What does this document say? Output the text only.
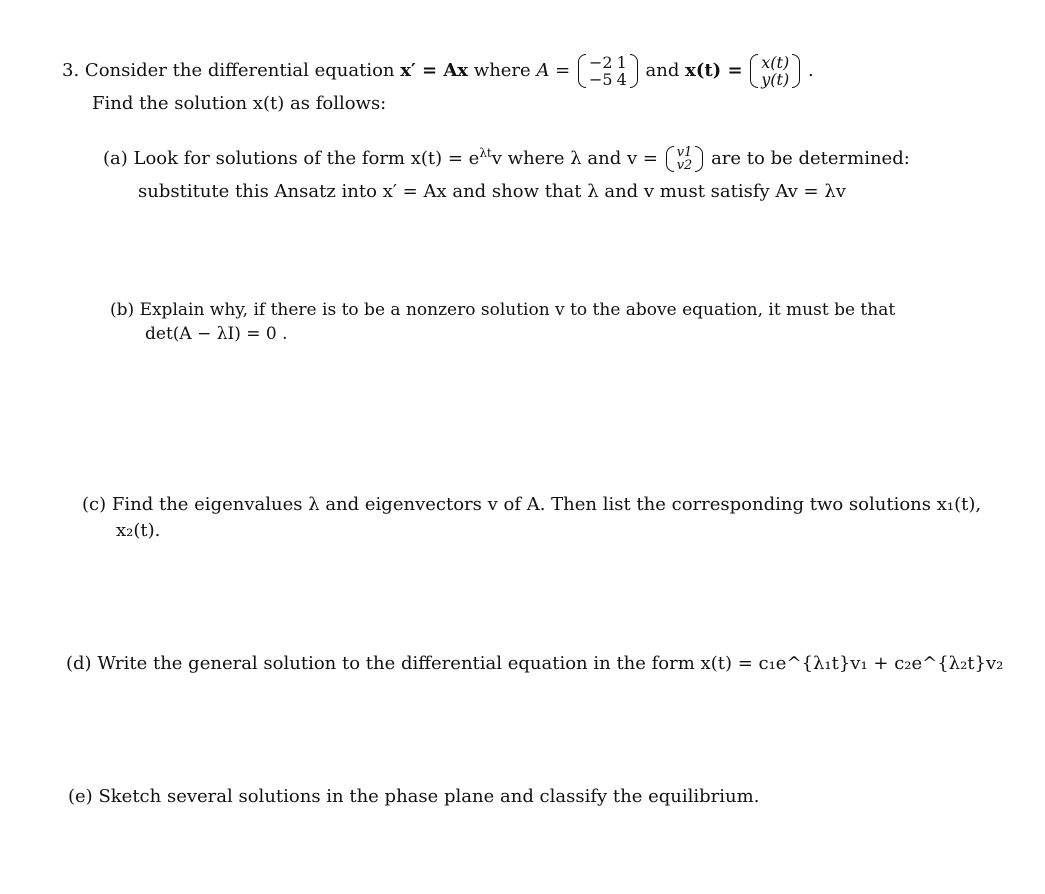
3. Consider the differential equation x′ = Ax where A = −2	1
−5	4 and x(t) = x(t)
y(t) .
Find the solution x(t) as follows:
(a) Look for solutions of the form $x(t) = e^{\lambda t}v$ where λ and v = v1
v2 are to be determined:
substitute this Ansatz into x′ = Ax and show that λ and v must satisfy Av = λv
(b) Explain why, if there is to be a nonzero solution v to the above equation, it must be that
det(A − λI) = 0 .
(c) Find the eigenvalues λ and eigenvectors v of A. Then list the corresponding two solutions x₁(t),
x₂(t).
(d) Write the general solution to the differential equation in the form x(t) = c₁e^{λ₁t}v₁ + c₂e^{λ₂t}v₂
(e) Sketch several solutions in the phase plane and classify the equilibrium.
